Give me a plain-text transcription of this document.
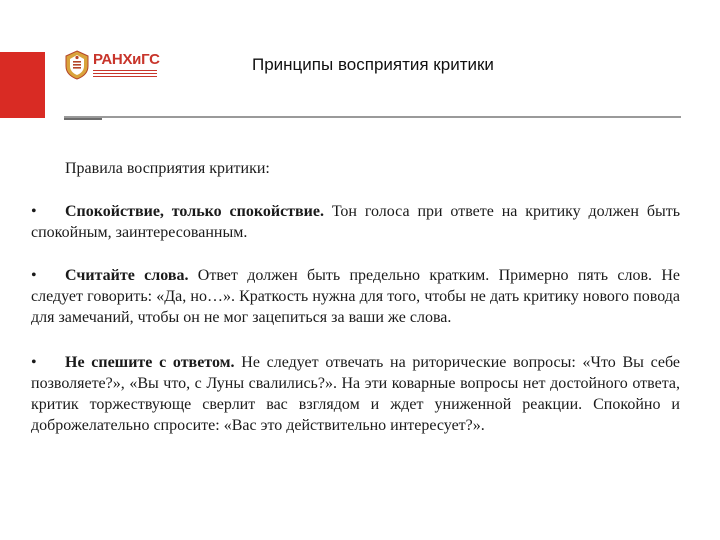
РАНХиГС	Принципы восприятия критики
Правила восприятия критики:

• Спокойствие, только спокойствие. Тон голоса при ответе на критику должен быть спокойным, заинтересованным.

• Считайте слова. Ответ должен быть предельно кратким. Примерно пять слов. Не следует говорить: «Да, но…». Краткость нужна для того, чтобы не дать критику нового повода для замечаний, чтобы он не мог зацепиться за ваши же слова.

• Не спешите с ответом. Не следует отвечать на риторические вопросы: «Что Вы себе позволяете?», «Вы что, с Луны свалились?». На эти коварные вопросы нет достойного ответа, критик торжествующе сверлит вас взглядом и ждет униженной реакции. Спокойно и доброжелательно спросите: «Вас это действительно интересует?».
